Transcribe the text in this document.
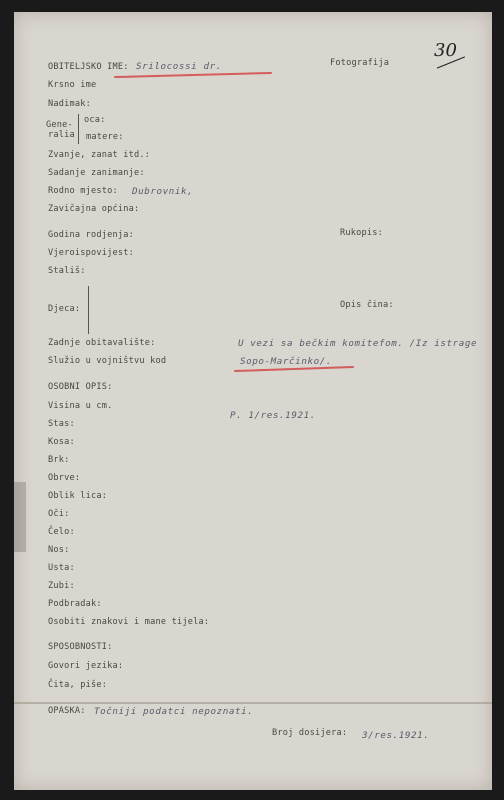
30
OBITELJSKO IME: Srilocossi dr.	Fotografija
Krsno ime
Nadimak:
Gene-
ralia
oca:
matere:
Zvanje, zanat itd.:
Sadanje zanimanje:
Rodno mjesto: Dubrovnik,
Zavičajna općina:
Godina rodjenja:	Rukopis:
Vjeroispovijest:
Stališ:
Djeca:	Opis čina:
Zadnje obitavalište:	U vezi sa bečkim komitefom. /Iz istrage
Služio u vojništvu kod	Sopo-Marčinko/.
OSOBNI OPIS:
Visina u cm.
P. 1/res.1921.
Stas:
Kosa:
Brk:
Obrve:
Oblik lica:
Oči:
Čelo:
Nos:
Usta:
Zubi:
Podbradak:
Osobiti znakovi i mane tijela:
SPOSOBNOSTI:
Govori jezika:
Čita, piše:
OPASKA: Točniji podatci nepoznati.
Broj dosijera: 3/res.1921.
